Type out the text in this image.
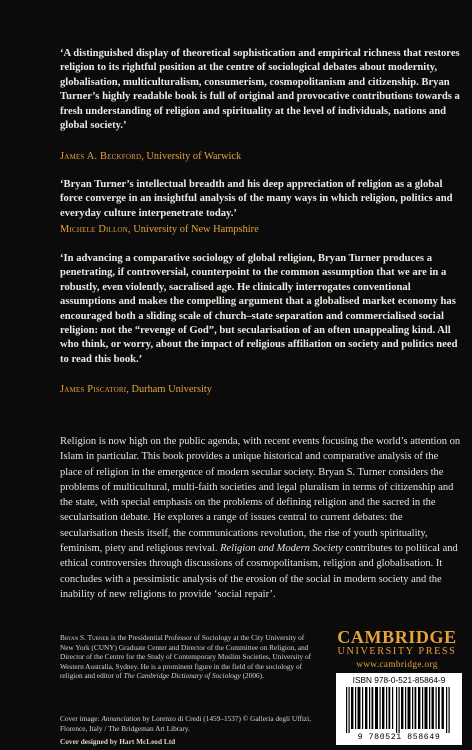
‘A distinguished display of theoretical sophistication and empirical richness that restores religion to its rightful position at the centre of sociological debates about modernity, globalisation, multiculturalism, consumerism, cosmopolitanism and citizenship. Bryan Turner’s highly readable book is full of original and provocative contributions towards a fresh understanding of religion and spirituality at the level of individuals, nations and global society.’
James A. Beckford, University of Warwick
‘Bryan Turner’s intellectual breadth and his deep appreciation of religion as a global force converge in an insightful analysis of the many ways in which religion, politics and everyday culture interpenetrate today.’
Michele Dillon, University of New Hampshire
‘In advancing a comparative sociology of global religion, Bryan Turner produces a penetrating, if controversial, counterpoint to the common assumption that we are in a robustly, even violently, sacralised age. He clinically interrogates conventional assumptions and makes the compelling argument that a globalised market economy has encouraged both a sliding scale of church–state separation and commercialised social religion: not the “revenge of God”, but secularisation of an often unappealing kind. All who think, or worry, about the impact of religious affiliation on society and politics need to read this book.’
James Piscatori, Durham University
Religion is now high on the public agenda, with recent events focusing the world’s attention on Islam in particular. This book provides a unique historical and comparative analysis of the place of religion in the emergence of modern secular society. Bryan S. Turner considers the problems of multicultural, multi-faith societies and legal pluralism in terms of citizenship and the state, with special emphasis on the problems of defining religion and the sacred in the secularisation debate. He explores a range of issues central to current debates: the secularisation thesis itself, the communications revolution, the rise of youth spirituality, feminism, piety and religious revival. Religion and Modern Society contributes to political and ethical controversies through discussions of cosmopolitanism, religion and globalisation. It concludes with a pessimistic analysis of the erosion of the social in modern society and the inability of new religions to provide ‘social repair’.
Bryan S. Turner is the Presidential Professor of Sociology at the City University of New York (CUNY) Graduate Center and Director of the Committee on Religion, and Director of the Centre for the Study of Contemporary Muslim Societies, University of Western Australia, Sydney. He is a prominent figure in the field of the sociology of religion and editor of The Cambridge Dictionary of Sociology (2006).
Cover image: Annunciation by Lorenzo di Credi (1459–1537) © Galleria degli Uffizi, Florence, Italy / The Bridgeman Art Library.
Cover designed by Hart McLeod Ltd
CAMBRIDGE
UNIVERSITY PRESS
www.cambridge.org
ISBN 978-0-521-85864-9
9 780521 858649
